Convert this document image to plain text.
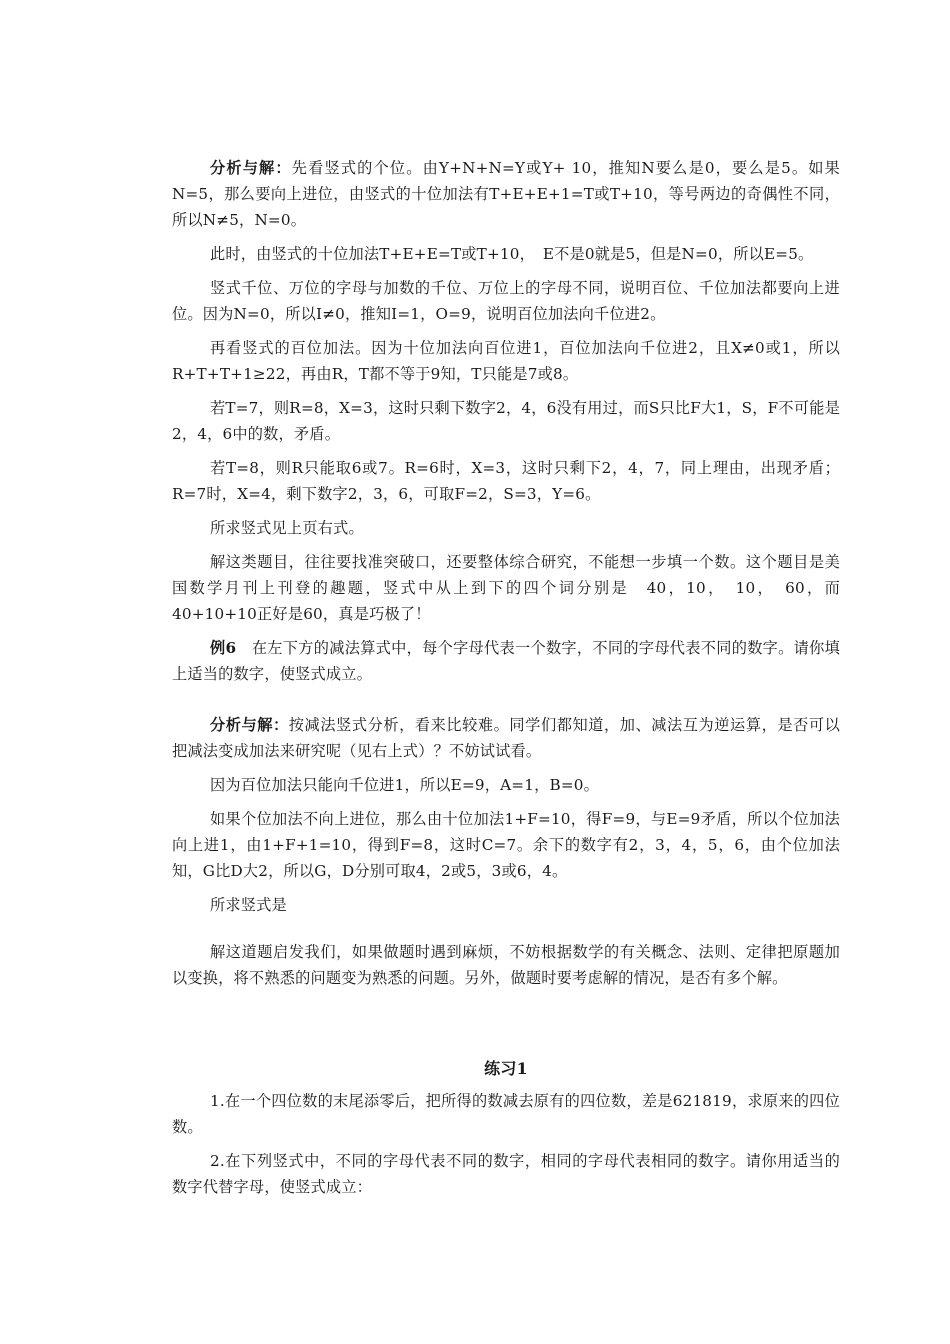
分析与解：先看竖式的个位。由Y+N+N=Y或Y+ 10，推知N要么是0，要么是5。如果N=5，那么要向上进位，由竖式的十位加法有T+E+E+1=T或T+10，等号两边的奇偶性不同，所以N≠5，N=0。

此时，由竖式的十位加法T+E+E=T或T+10，　E不是0就是5，但是N=0，所以E=5。

竖式千位、万位的字母与加数的千位、万位上的字母不同，说明百位、千位加法都要向上进位。因为N=0，所以I≠0，推知I=1，O=9，说明百位加法向千位进2。

再看竖式的百位加法。因为十位加法向百位进1，百位加法向千位进2，且X≠0或1，所以R+T+T+1≥22，再由R，T都不等于9知，T只能是7或8。

若T=7，则R=8，X=3，这时只剩下数字2，4，6没有用过，而S只比F大1，S，F不可能是2，4，6中的数，矛盾。

若T=8，则R只能取6或7。R=6时，X=3，这时只剩下2，4，7，同上理由，出现矛盾；R=7时，X=4，剩下数字2，3，6，可取F=2，S=3，Y=6。

所求竖式见上页右式。

解这类题目，往往要找准突破口，还要整体综合研究，不能想一步填一个数。这个题目是美国数学月刊上刊登的趣题，竖式中从上到下的四个词分别是　40，10，　10，　60，而40+10+10正好是60，真是巧极了！

例6　在左下方的减法算式中，每个字母代表一个数字，不同的字母代表不同的数字。请你填上适当的数字，使竖式成立。

分析与解：按减法竖式分析，看来比较难。同学们都知道，加、减法互为逆运算，是否可以把减法变成加法来研究呢（见右上式）？不妨试试看。

因为百位加法只能向千位进1，所以E=9，A=1，B=0。

如果个位加法不向上进位，那么由十位加法1+F=10，得F=9，与E=9矛盾，所以个位加法向上进1，由1+F+1=10，得到F=8，这时C=7。余下的数字有2，3，4，5，6，由个位加法知，G比D大2，所以G，D分别可取4，2或5，3或6，4。

所求竖式是

解这道题启发我们，如果做题时遇到麻烦，不妨根据数学的有关概念、法则、定律把原题加以变换，将不熟悉的问题变为熟悉的问题。另外，做题时要考虑解的情况，是否有多个解。

练习1

1.在一个四位数的末尾添零后，把所得的数减去原有的四位数，差是621819，求原来的四位数。

2.在下列竖式中，不同的字母代表不同的数字，相同的字母代表相同的数字。请你用适当的数字代替字母，使竖式成立：
